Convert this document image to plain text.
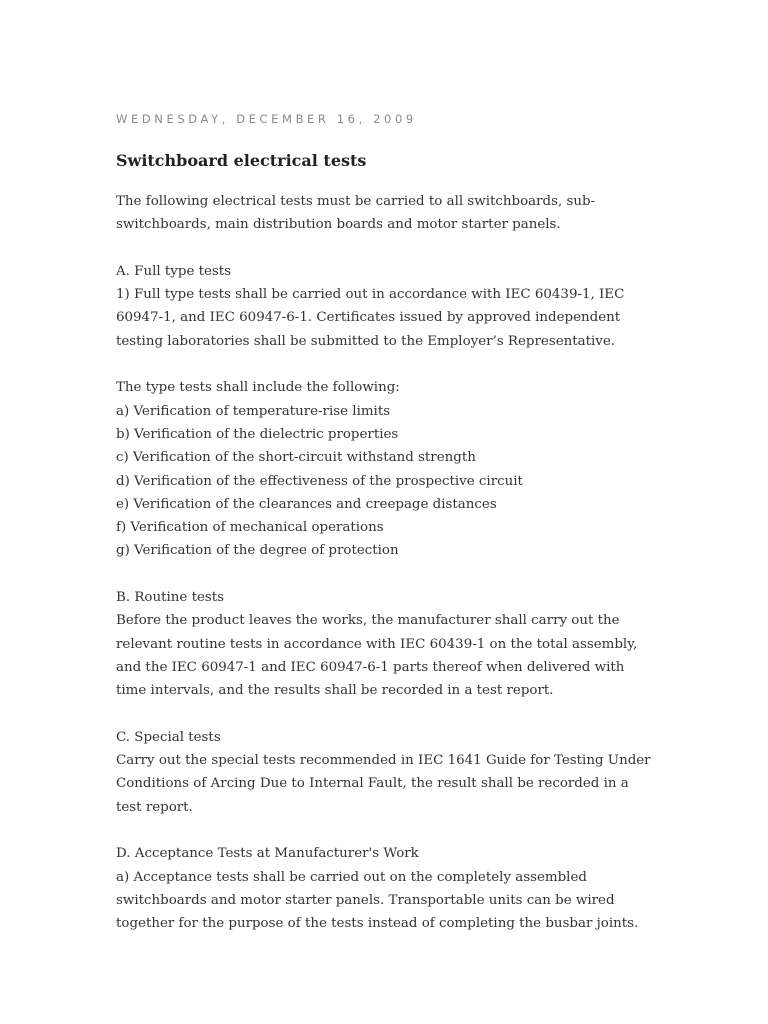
WEDNESDAY, DECEMBER 16, 2009
Switchboard electrical tests
The following electrical tests must be carried to all switchboards, sub-
switchboards, main distribution boards and motor starter panels.
A. Full type tests
1) Full type tests shall be carried out in accordance with IEC 60439-1, IEC
60947-1, and IEC 60947-6-1. Certificates issued by approved independent
testing laboratories shall be submitted to the Employer’s Representative.
The type tests shall include the following:
a) Verification of temperature-rise limits
b) Verification of the dielectric properties
c) Verification of the short-circuit withstand strength
d) Verification of the effectiveness of the prospective circuit
e) Verification of the clearances and creepage distances
f) Verification of mechanical operations
g) Verification of the degree of protection
B. Routine tests
Before the product leaves the works, the manufacturer shall carry out the
relevant routine tests in accordance with IEC 60439-1 on the total assembly,
and the IEC 60947-1 and IEC 60947-6-1 parts thereof when delivered with
time intervals, and the results shall be recorded in a test report.
C. Special tests
Carry out the special tests recommended in IEC 1641 Guide for Testing Under
Conditions of Arcing Due to Internal Fault, the result shall be recorded in a
test report.
D. Acceptance Tests at Manufacturer's Work
a) Acceptance tests shall be carried out on the completely assembled
switchboards and motor starter panels. Transportable units can be wired
together for the purpose of the tests instead of completing the busbar joints.
